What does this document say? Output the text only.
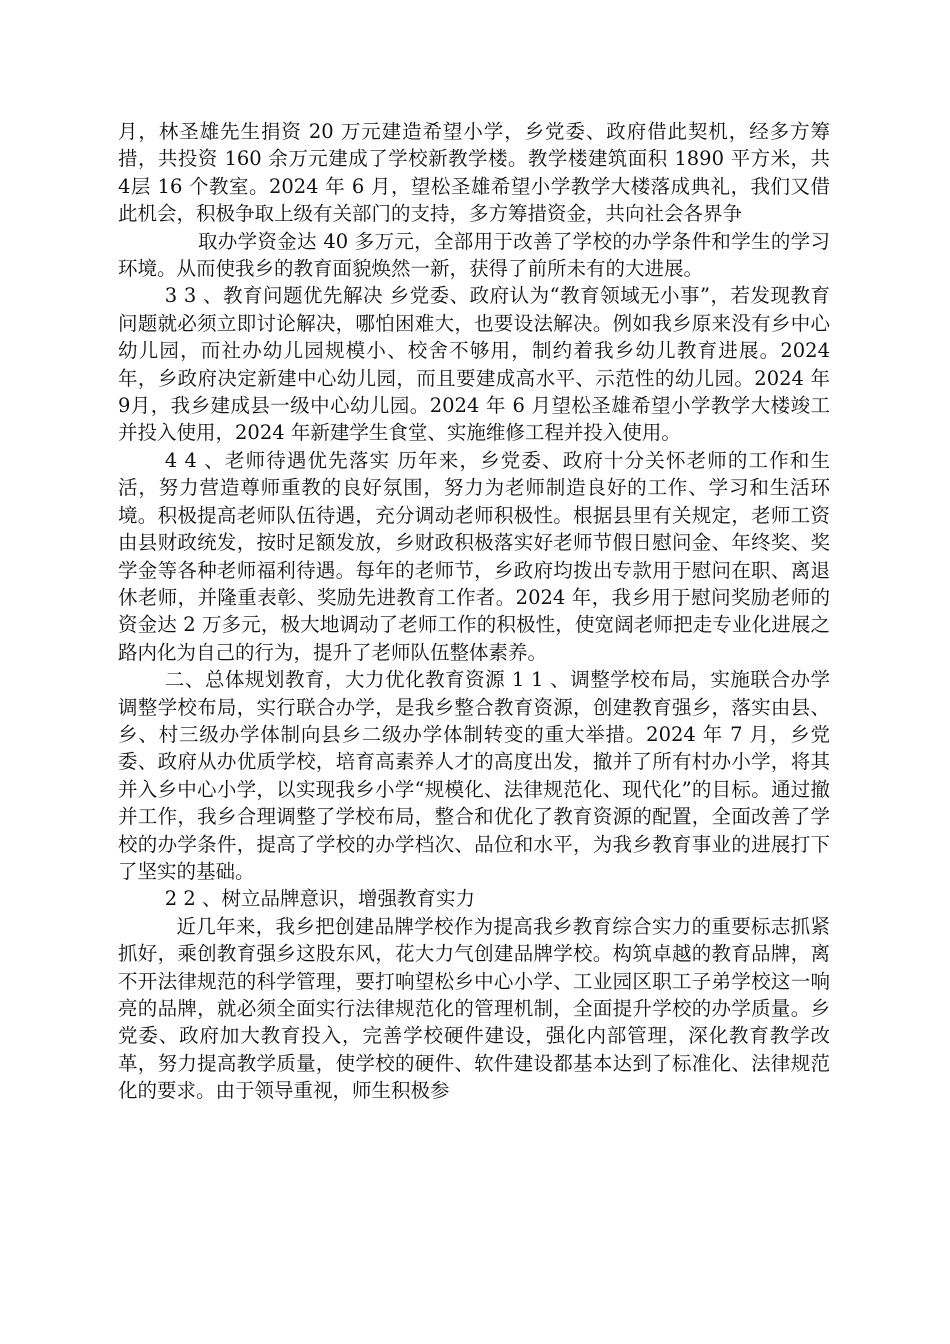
月，林圣雄先生捐资 20 万元建造希望小学，乡党委、政府借此契机，经多方筹措，共投资 160 余万元建成了学校新教学楼。教学楼建筑面积 1890 平方米，共 4层 16 个教室。2024 年 6 月，望松圣雄希望小学教学大楼落成典礼，我们又借此机会，积极争取上级有关部门的支持，多方筹措资金，共向社会各界争

取办学资金达 40 多万元，全部用于改善了学校的办学条件和学生的学习环境。从而使我乡的教育面貌焕然一新，获得了前所未有的大进展。

3 3 、教育问题优先解决 乡党委、政府认为“教育领域无小事”，若发现教育问题就必须立即讨论解决，哪怕困难大，也要设法解决。例如我乡原来没有乡中心幼儿园，而社办幼儿园规模小、校舍不够用，制约着我乡幼儿教育进展。2024 年，乡政府决定新建中心幼儿园，而且要建成高水平、示范性的幼儿园。2024 年 9月，我乡建成县一级中心幼儿园。2024 年 6 月望松圣雄希望小学教学大楼竣工并投入使用，2024 年新建学生食堂、实施维修工程并投入使用。

4 4 、老师待遇优先落实 历年来，乡党委、政府十分关怀老师的工作和生活，努力营造尊师重教的良好氛围，努力为老师制造良好的工作、学习和生活环境。积极提高老师队伍待遇，充分调动老师积极性。根据县里有关规定，老师工资由县财政统发，按时足额发放，乡财政积极落实好老师节假日慰问金、年终奖、奖学金等各种老师福利待遇。每年的老师节，乡政府均拨出专款用于慰问在职、离退休老师，并隆重表彰、奖励先进教育工作者。2024 年，我乡用于慰问奖励老师的资金达 2 万多元，极大地调动了老师工作的积极性，使宽阔老师把走专业化进展之路内化为自己的行为，提升了老师队伍整体素养。

二、总体规划教育，大力优化教育资源 1 1 、调整学校布局，实施联合办学 调整学校布局，实行联合办学，是我乡整合教育资源，创建教育强乡，落实由县、乡、村三级办学体制向县乡二级办学体制转变的重大举措。2024 年 7 月，乡党委、政府从办优质学校，培育高素养人才的高度出发，撤并了所有村办小学，将其并入乡中心小学，以实现我乡小学“规模化、法律规范化、现代化”的目标。通过撤并工作，我乡合理调整了学校布局，整合和优化了教育资源的配置，全面改善了学校的办学条件，提高了学校的办学档次、品位和水平，为我乡教育事业的进展打下了坚实的基础。

2 2 、树立品牌意识，增强教育实力

近几年来，我乡把创建品牌学校作为提高我乡教育综合实力的重要标志抓紧抓好，乘创教育强乡这股东风，花大力气创建品牌学校。构筑卓越的教育品牌，离不开法律规范的科学管理，要打响望松乡中心小学、工业园区职工子弟学校这一响亮的品牌，就必须全面实行法律规范化的管理机制，全面提升学校的办学质量。乡党委、政府加大教育投入，完善学校硬件建设，强化内部管理，深化教育教学改革，努力提高教学质量，使学校的硬件、软件建设都基本达到了标准化、法律规范化的要求。由于领导重视，师生积极参
